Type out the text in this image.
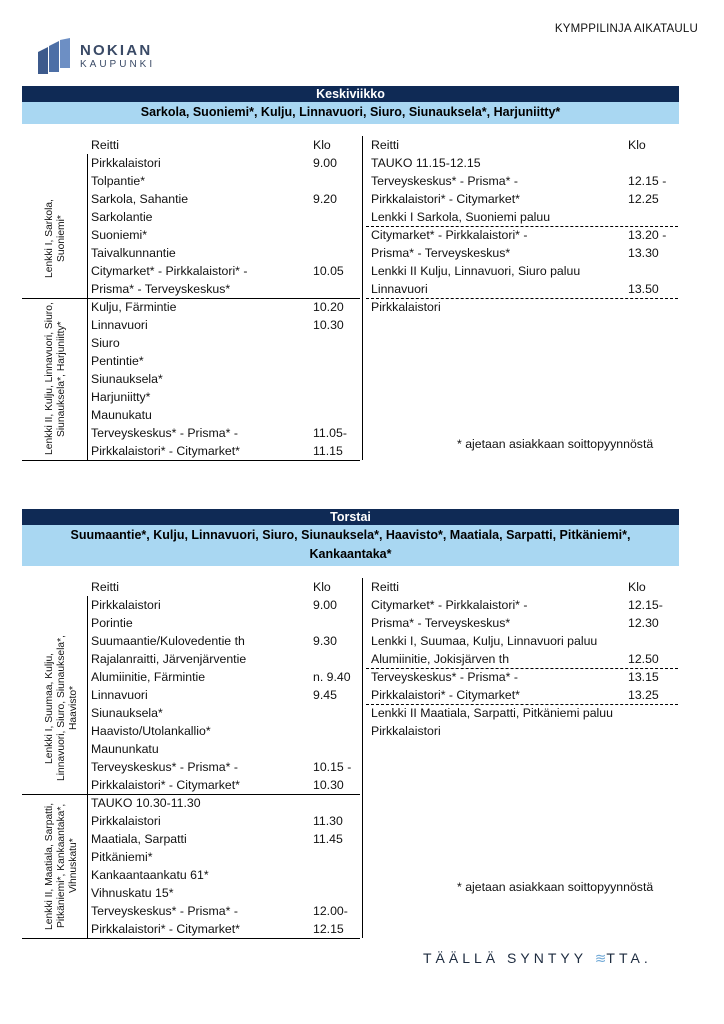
KYMPPILINJA AIKATAULU
NOKIAN
KAUPUNKI
Keskiviikko
Sarkola, Suoniemi*, Kulju, Linnavuori, Siuro, Siunauksela*, Harjuniitty*
Reitti	Klo	Reitti	Klo
Pirkkalaistori	9.00
Tolpantie*
Sarkola, Sahantie	9.20
Sarkolantie
Suoniemi*
Taivalkunnantie
Citymarket* - Pirkkalaistori* -	10.05
Prisma* - Terveyskeskus*
Kulju, Färmintie	10.20
Linnavuori	10.30
Siuro
Pentintie*
Siunauksela*
Harjuniitty*
Maunukatu
Terveyskeskus* - Prisma* -	11.05-
Pirkkalaistori* - Citymarket*	11.15
TAUKO 11.15-12.15
Terveyskeskus* - Prisma* -	12.15 -
Pirkkalaistori* - Citymarket*	12.25
Lenkki I Sarkola, Suoniemi paluu
Citymarket* - Pirkkalaistori* -	13.20 -
Prisma* - Terveyskeskus*	13.30
Lenkki II Kulju, Linnavuori, Siuro paluu
Linnavuori	13.50
Pirkkalaistori
Lenkki I, Sarkola, Suoniemi*
Lenkki II, Kulju, Linnavuori, Siuro, Siunauksela*, Harjuniitty*
* ajetaan asiakkaan soittopyynnöstä
Torstai
Suumaantie*, Kulju, Linnavuori, Siuro, Siunauksela*, Haavisto*, Maatiala, Sarpatti, Pitkäniemi*,
Kankaantaka*
Reitti	Klo	Reitti	Klo
Pirkkalaistori	9.00
Porintie
Suumaantie/Kulovedentie th	9.30
Rajalanraitti, Järvenjärventie
Alumiinitie, Färmintie	n. 9.40
Linnavuori	9.45
Siunauksela*
Haavisto/Utolankallio*
Maununkatu
Terveyskeskus* - Prisma* -	10.15 -
Pirkkalaistori* - Citymarket*	10.30
TAUKO 10.30-11.30
Pirkkalaistori	11.30
Maatiala, Sarpatti	11.45
Pitkäniemi*
Kankaantaankatu 61*
Vihnuskatu 15*
Terveyskeskus* - Prisma* -	12.00-
Pirkkalaistori* - Citymarket*	12.15
Citymarket* - Pirkkalaistori* -	12.15-
Prisma* - Terveyskeskus*	12.30
Lenkki I, Suumaa, Kulju, Linnavuori paluu
Alumiinitie, Jokisjärven th	12.50
Terveyskeskus* - Prisma* -	13.15
Pirkkalaistori* - Citymarket*	13.25
Lenkki II Maatiala, Sarpatti, Pitkäniemi paluu
Pirkkalaistori
Lenkki I, Suumaa, Kulju, Linnavuori, Siuro, Siunauksela*, Haavisto*
Lenkki II, Maatiala, Sarpatti, Pitkäniemi*, Kankaantaka*, Vihnuskatu*	* ajetaan asiakkaan soittopyynnöstä
TÄÄLLÄ SYNTYY ≋TTA.
